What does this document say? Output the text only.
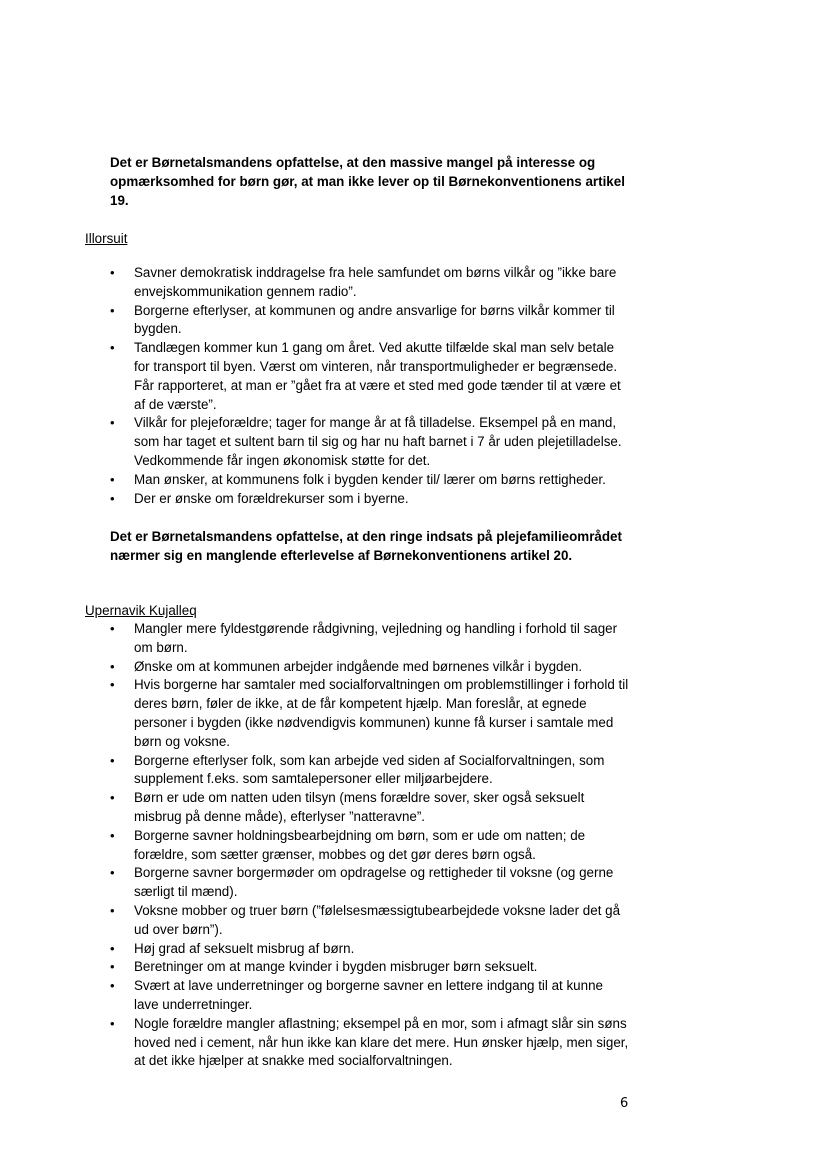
Det er Børnetalsmandens opfattelse, at den massive mangel på interesse og opmærksomhed for børn gør, at man ikke lever op til Børnekonventionens artikel 19.

Illorsuit

•	Savner demokratisk inddragelse fra hele samfundet om børns vilkår og ”ikke bare envejskommunikation gennem radio”.
•	Borgerne efterlyser, at kommunen og andre ansvarlige for børns vilkår kommer til bygden.
•	Tandlægen kommer kun 1 gang om året. Ved akutte tilfælde skal man selv betale for transport til byen. Værst om vinteren, når transportmuligheder er begrænsede. Får rapporteret, at man er ”gået fra at være et sted med gode tænder til at være et af de værste”.
•	Vilkår for plejeforældre; tager for mange år at få tilladelse. Eksempel på en mand, som har taget et sultent barn til sig og har nu haft barnet i 7 år uden plejetilladelse. Vedkommende får ingen økonomisk støtte for det.
•	Man ønsker, at kommunens folk i bygden kender til/ lærer om børns rettigheder.
•	Der er ønske om forældrekurser som i byerne.

Det er Børnetalsmandens opfattelse, at den ringe indsats på plejefamilieområdet nærmer sig en manglende efterlevelse af Børnekonventionens artikel 20.

Upernavik Kujalleq

•	Mangler mere fyldestgørende rådgivning, vejledning og handling i forhold til sager om børn.
•	Ønske om at kommunen arbejder indgående med børnenes vilkår i bygden.
•	Hvis borgerne har samtaler med socialforvaltningen om problemstillinger i forhold til deres børn, føler de ikke, at de får kompetent hjælp. Man foreslår, at egnede personer i bygden (ikke nødvendigvis kommunen) kunne få kurser i samtale med børn og voksne.
•	Borgerne efterlyser folk, som kan arbejde ved siden af Socialforvaltningen, som supplement f.eks. som samtalepersoner eller miljøarbejdere.
•	Børn er ude om natten uden tilsyn (mens forældre sover, sker også seksuelt misbrug på denne måde), efterlyser ”natteravne”.
•	Borgerne savner holdningsbearbejdning om børn, som er ude om natten; de forældre, som sætter grænser, mobbes og det gør deres børn også.
•	Borgerne savner borgermøder om opdragelse og rettigheder til voksne (og gerne særligt til mænd).
•	Voksne mobber og truer børn (”følelsesmæssigtubearbejdede voksne lader det gå ud over børn”).
•	Høj grad af seksuelt misbrug af børn.
•	Beretninger om at mange kvinder i bygden misbruger børn seksuelt.
•	Svært at lave underretninger og borgerne savner en lettere indgang til at kunne lave underretninger.
•	Nogle forældre mangler aflastning; eksempel på en mor, som i afmagt slår sin søns hoved ned i cement, når hun ikke kan klare det mere. Hun ønsker hjælp, men siger, at det ikke hjælper at snakke med socialforvaltningen.
6
